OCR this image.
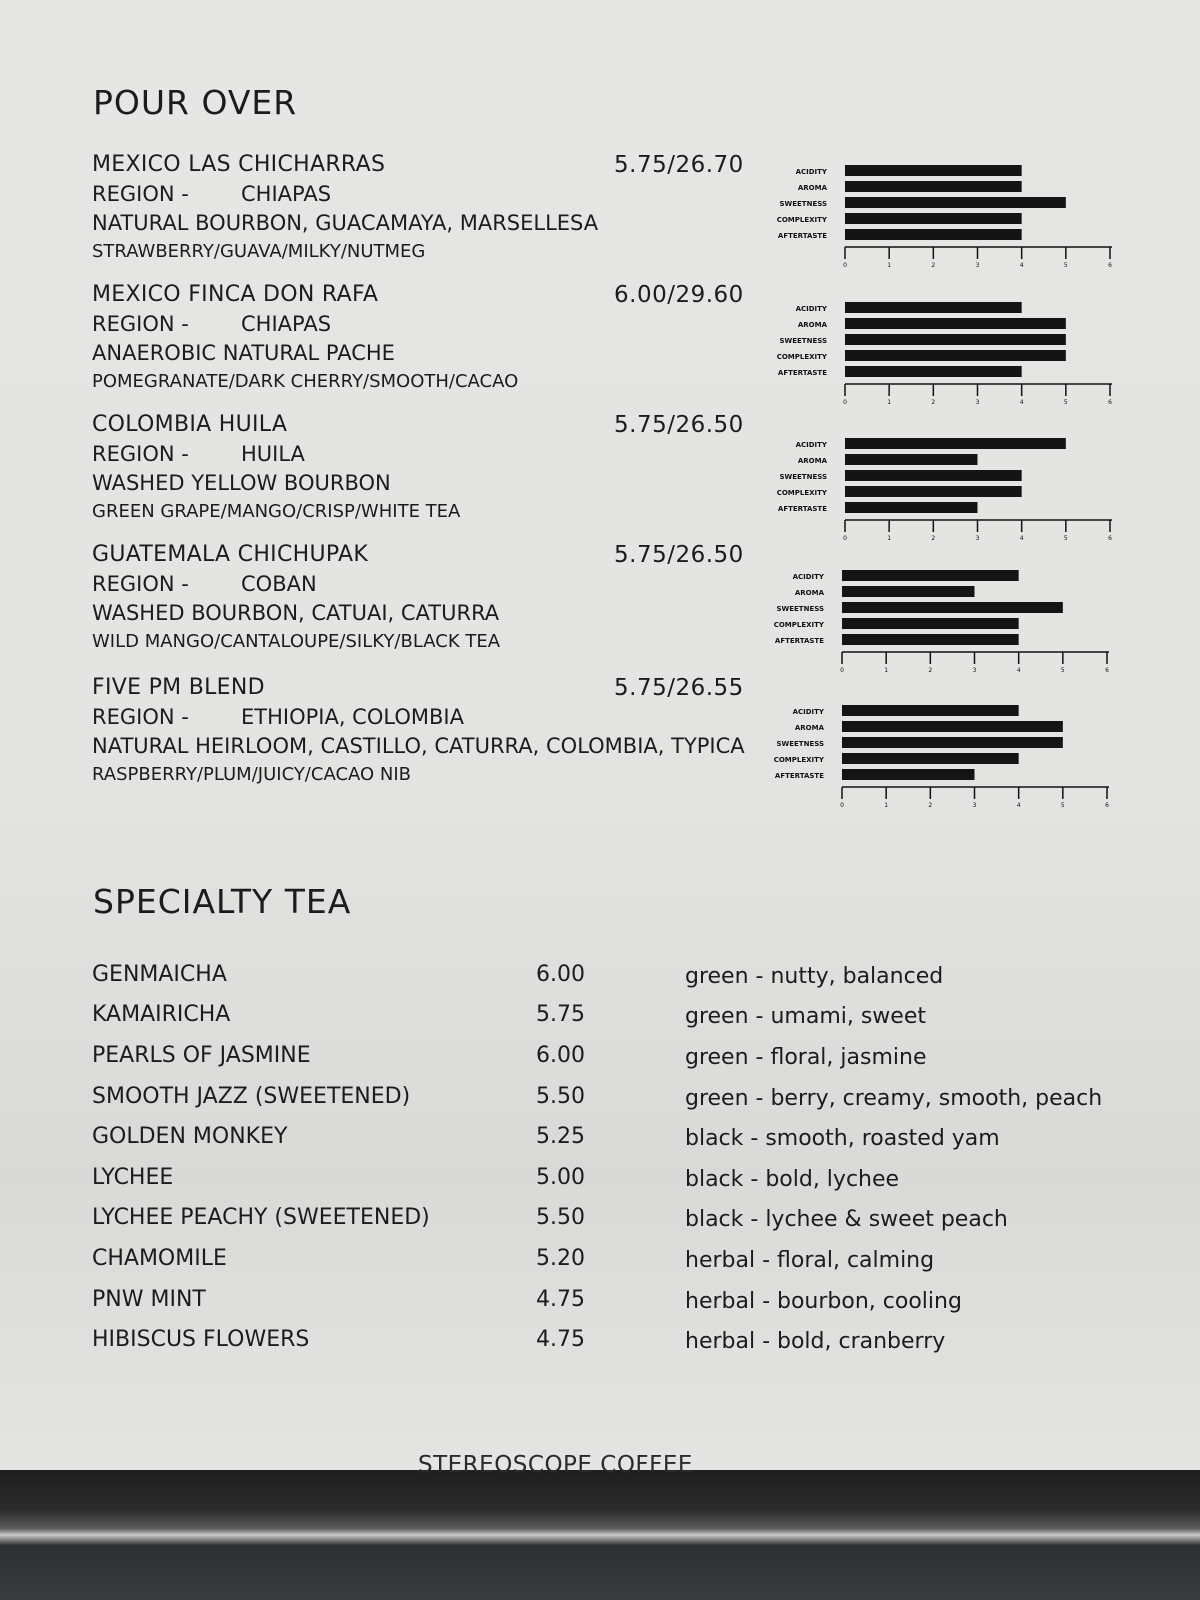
POUR OVER
MEXICO LAS CHICHARRAS	5.75/26.70
REGION - CHIAPAS
NATURAL BOURBON, GUACAMAYA, MARSELLESA
STRAWBERRY/GUAVA/MILKY/NUTMEG
MEXICO FINCA DON RAFA	6.00/29.60
REGION - CHIAPAS
ANAEROBIC NATURAL PACHE
POMEGRANATE/DARK CHERRY/SMOOTH/CACAO
COLOMBIA HUILA	5.75/26.50
REGION - HUILA
WASHED YELLOW BOURBON
GREEN GRAPE/MANGO/CRISP/WHITE TEA
GUATEMALA CHICHUPAK	5.75/26.50
REGION - COBAN
WASHED BOURBON, CATUAI, CATURRA
WILD MANGO/CANTALOUPE/SILKY/BLACK TEA
FIVE PM BLEND	5.75/26.55
REGION - ETHIOPIA, COLOMBIA
NATURAL HEIRLOOM, CASTILLO, CATURRA, COLOMBIA, TYPICA
RASPBERRY/PLUM/JUICY/CACAO NIB
ACIDITY
AROMA
SWEETNESS
COMPLEXITY
AFTERTASTE
0	1	2	3	4	5	6
ACIDITY
AROMA
SWEETNESS
COMPLEXITY
AFTERTASTE
0	1	2	3	4	5	6
ACIDITY
AROMA
SWEETNESS
COMPLEXITY
AFTERTASTE
0	1	2	3	4	5	6
ACIDITY
AROMA
SWEETNESS
COMPLEXITY
AFTERTASTE
0	1	2	3	4	5	6
ACIDITY
AROMA
SWEETNESS
COMPLEXITY
AFTERTASTE
0	1	2	3	4	5	6
SPECIALTY TEA
GENMAICHA	6.00	green - nutty, balanced
KAMAIRICHA	5.75	green - umami, sweet
PEARLS OF JASMINE	6.00	green - floral, jasmine
SMOOTH JAZZ (SWEETENED)	5.50	green - berry, creamy, smooth, peach
GOLDEN MONKEY	5.25	black - smooth, roasted yam
LYCHEE	5.00	black - bold, lychee
LYCHEE PEACHY (SWEETENED)	5.50	black - lychee & sweet peach
CHAMOMILE	5.20	herbal - floral, calming
PNW MINT	4.75	herbal - bourbon, cooling
HIBISCUS FLOWERS	4.75	herbal - bold, cranberry
STEREOSCOPE COFFEE
